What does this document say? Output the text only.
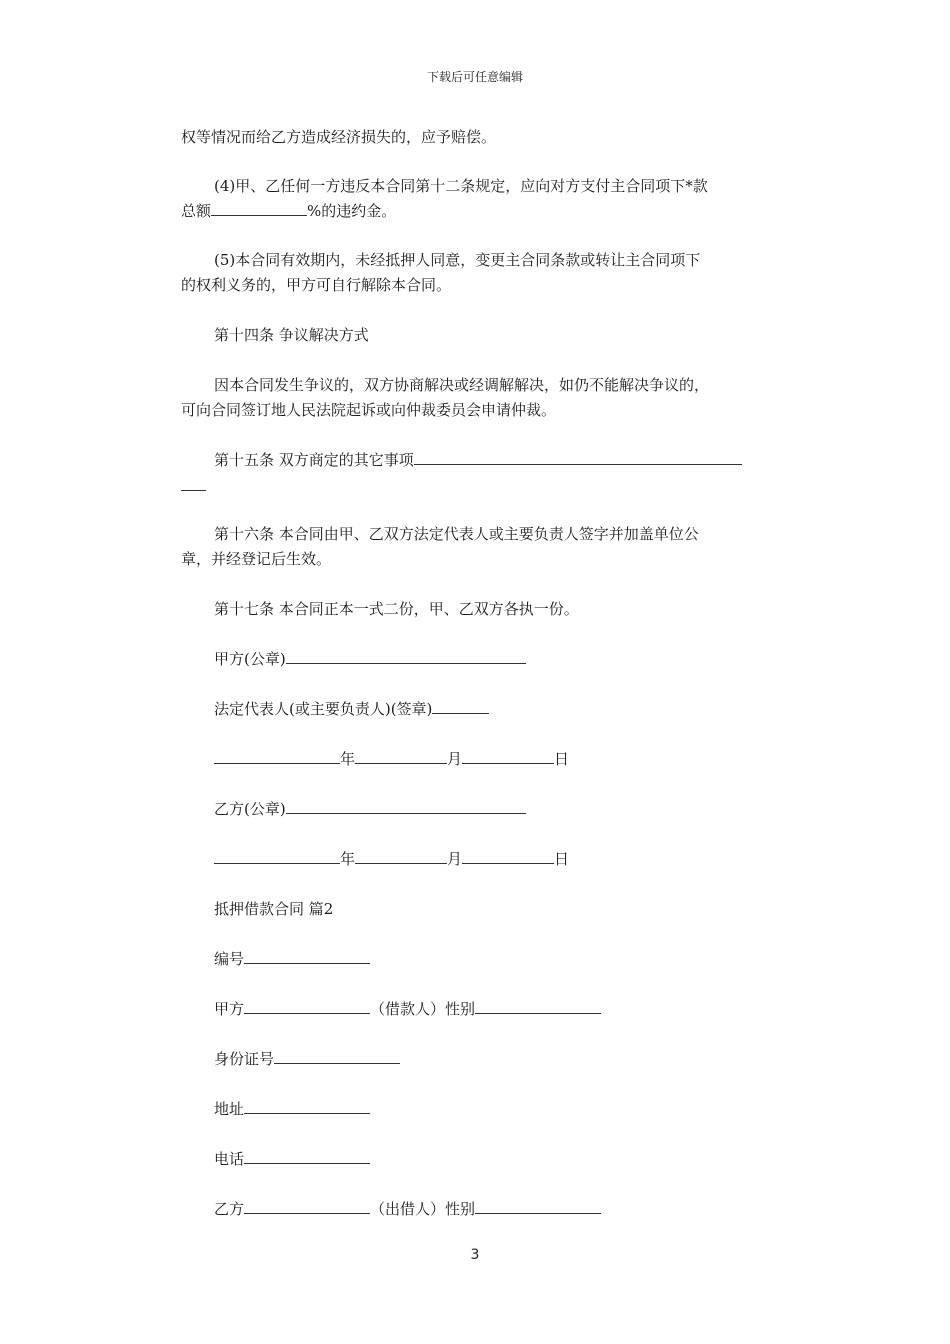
下载后可任意编辑

权等情况而给乙方造成经济损失的，应予赔偿。

(4)甲、乙任何一方违反本合同第十二条规定，应向对方支付主合同项下*款

总额	%的违约金。

(5)本合同有效期内，未经抵押人同意，变更主合同条款或转让主合同项下

的权利义务的，甲方可自行解除本合同。

第十四条 争议解决方式

因本合同发生争议的，双方协商解决或经调解解决，如仍不能解决争议的，

可向合同签订地人民法院起诉或向仲裁委员会申请仲裁。

第十五条 双方商定的其它事项

第十六条 本合同由甲、乙双方法定代表人或主要负责人签字并加盖单位公

章，并经登记后生效。

第十七条 本合同正本一式二份，甲、乙双方各执一份。

甲方(公章)

法定代表人(或主要负责人)(签章)

年	月	日

乙方(公章)

年	月	日

抵押借款合同 篇2

编号

甲方	（借款人）性别

身份证号

地址

电话

乙方	（出借人）性别

3
